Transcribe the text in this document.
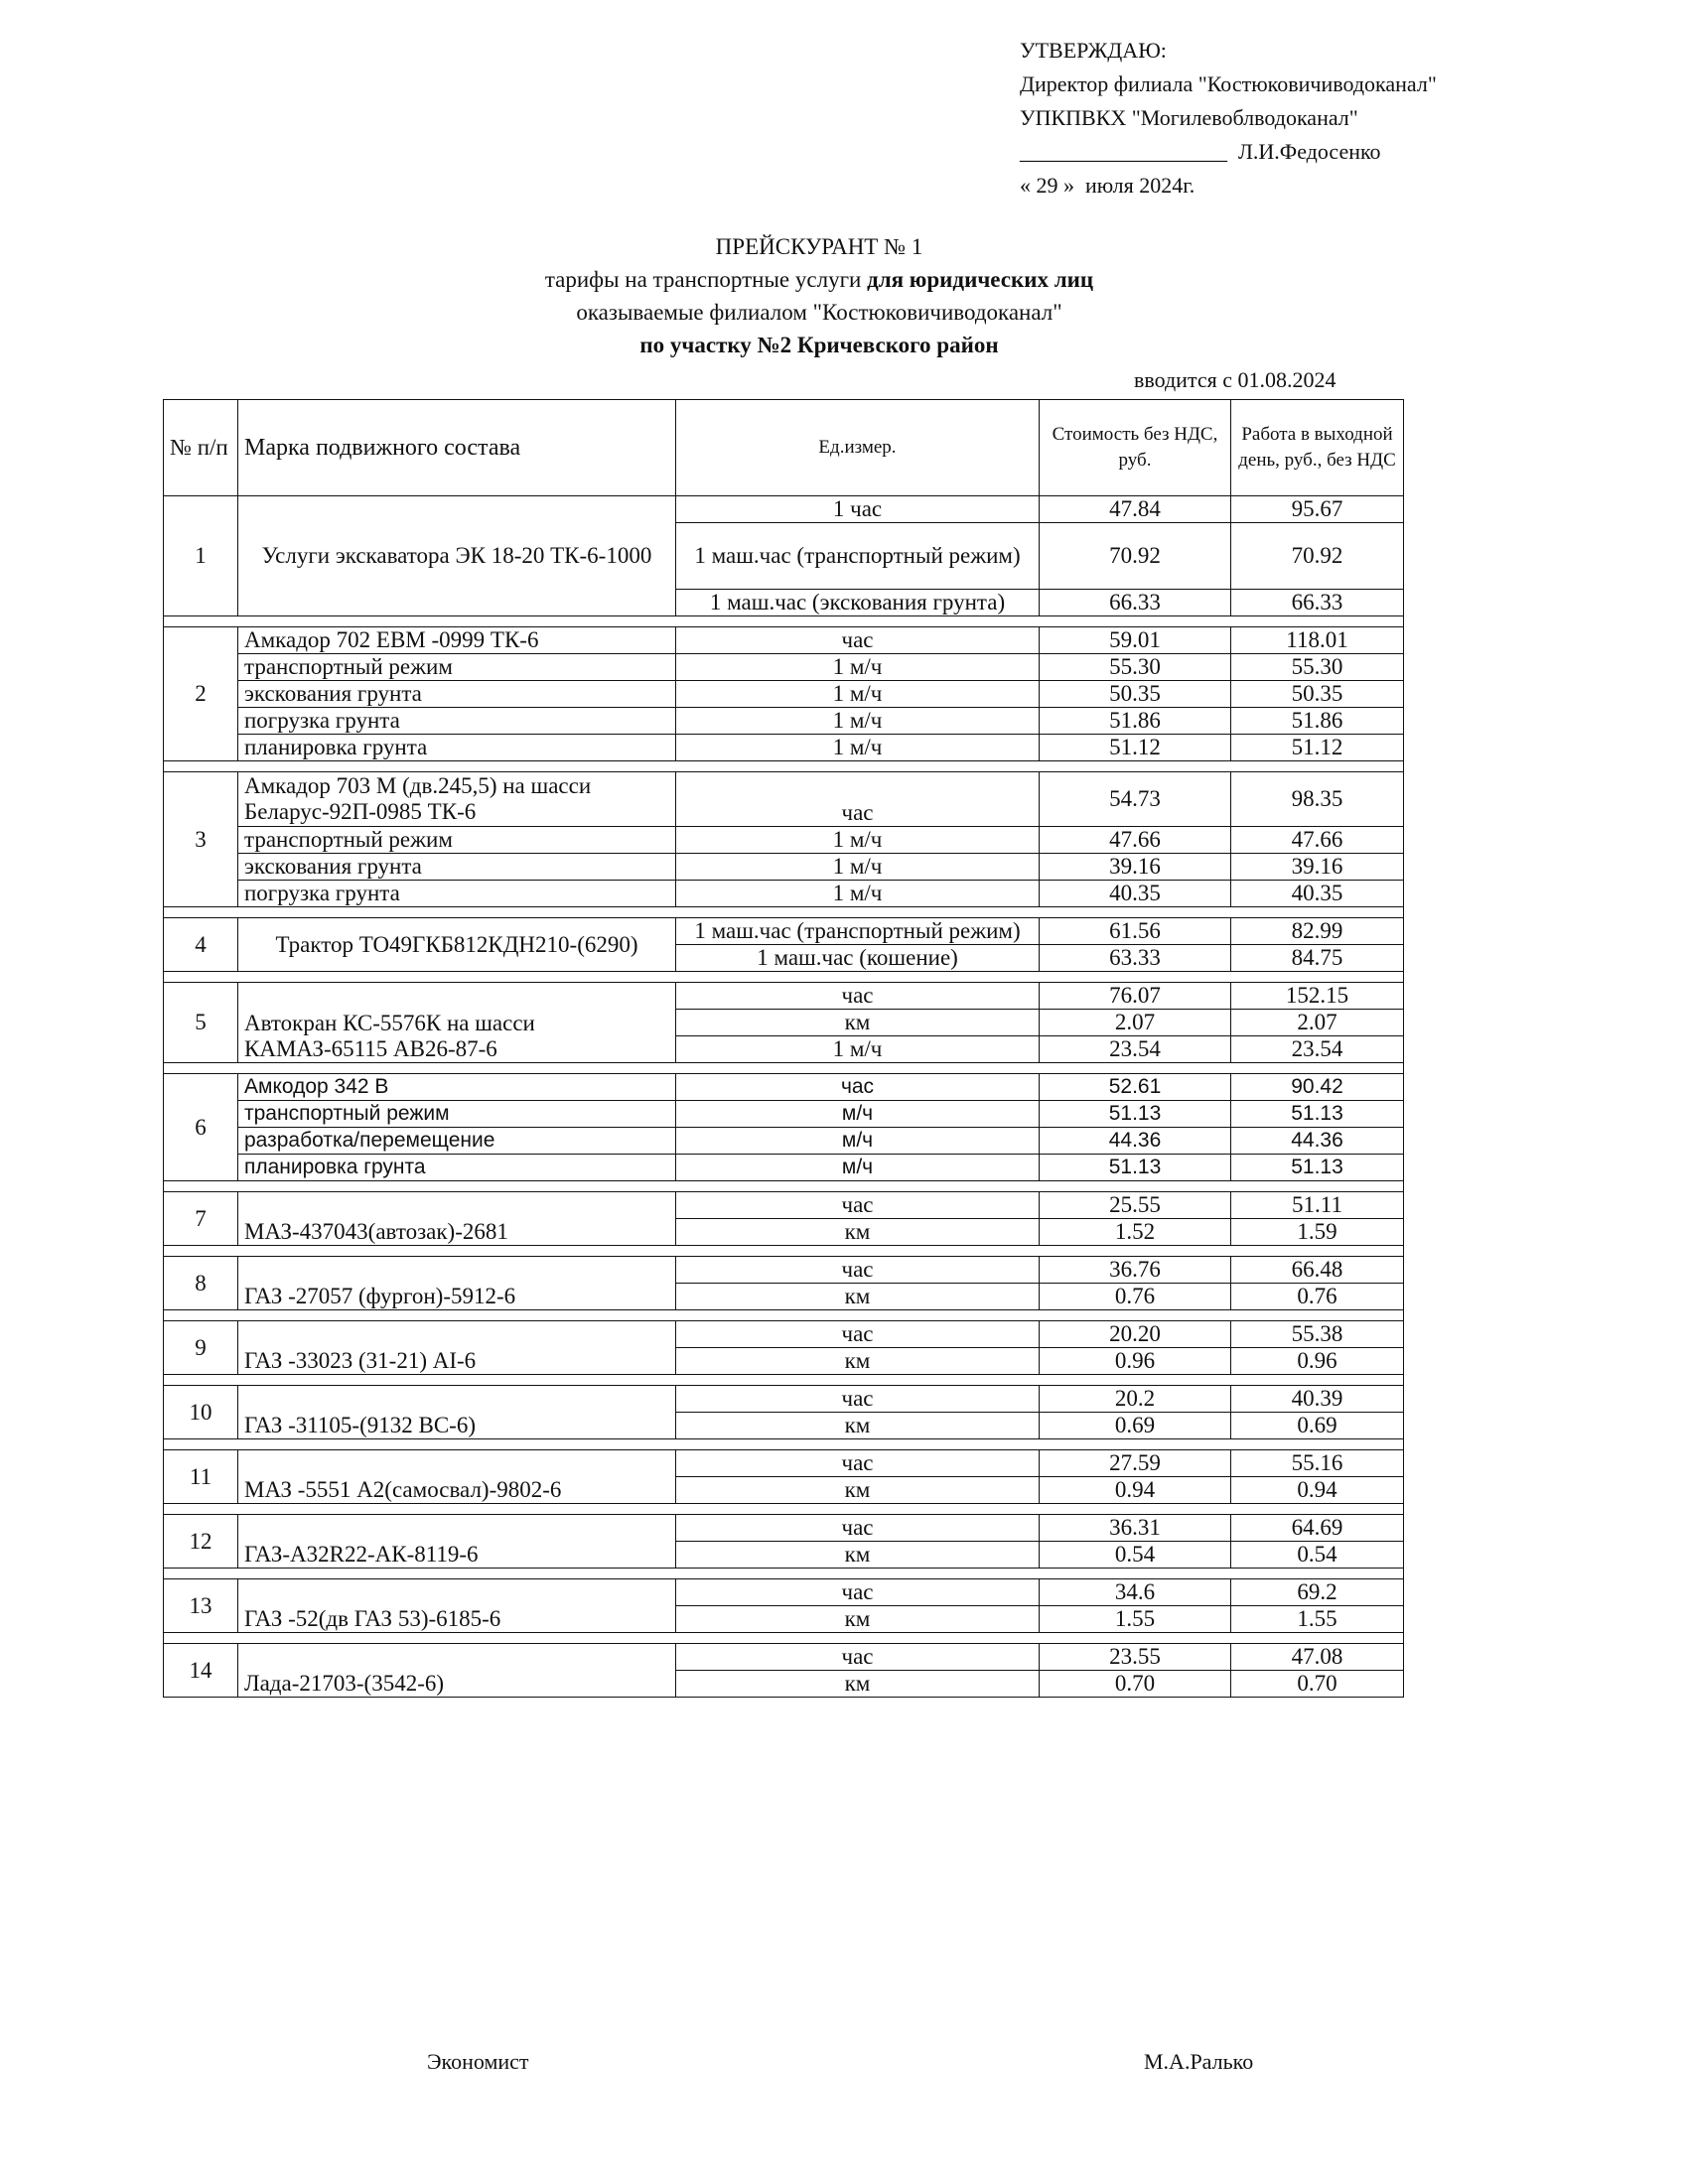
УТВЕРЖДАЮ:
Директор филиала "Костюковичиводоканал"
УПКПВКХ "Могилевоблводоканал"
___________________  Л.И.Федосенко
« 29 »  июля 2024г.
ПРЕЙСКУРАНТ № 1
тарифы на транспортные услуги для юридических лиц
оказываемые филиалом "Костюковичиводоканал"
по участку №2 Кричевского район
вводится с 01.08.2024
№ п/п	Марка подвижного состава	Ед.измер.	Стоимость без НДС, руб.	Работа в выходной день, руб., без НДС
1	Услуги экскаватора ЭК 18-20 ТК-6-1000	1 час	47.84	95.67
		1 маш.час (транспортный режим)	70.92	70.92
		1 маш.час (экскования грунта)	66.33	66.33

2	Амкадор 702 ЕВМ -0999 ТК-6	час	59.01	118.01
	транспортный режим	1 м/ч	55.30	55.30
	экскования грунта	1 м/ч	50.35	50.35
	погрузка грунта	1 м/ч	51.86	51.86
	планировка грунта	1 м/ч	51.12	51.12

3	Амкадор 703 М (дв.245,5) на шасси Беларус-92П-0985 ТК-6	час	54.73	98.35
	транспортный режим	1 м/ч	47.66	47.66
	экскования грунта	1 м/ч	39.16	39.16
	погрузка грунта	1 м/ч	40.35	40.35

4	Трактор ТО49ГКБ812КДН210-(6290)	1 маш.час (транспортный режим)	61.56	82.99
		1 маш.час (кошение)	63.33	84.75

5	Автокран КС-5576К на шасси КАМАЗ-65115 АВ26-87-6	час	76.07	152.15
		км	2.07	2.07
		1 м/ч	23.54	23.54

6	Амкодор 342 В	час	52.61	90.42
	транспортный режим	м/ч	51.13	51.13
	разработка/перемещение	м/ч	44.36	44.36
	планировка грунта	м/ч	51.13	51.13

7	МАЗ-437043(автозак)-2681	час	25.55	51.11
		км	1.52	1.59

8	ГАЗ -27057 (фургон)-5912-6	час	36.76	66.48
		км	0.76	0.76

9	ГАЗ -33023 (31-21) АI-6	час	20.20	55.38
		км	0.96	0.96

10	ГАЗ -31105-(9132 ВС-6)	час	20.2	40.39
		км	0.69	0.69

11	МАЗ -5551 А2(самосвал)-9802-6	час	27.59	55.16
		км	0.94	0.94

12	ГАЗ-А32R22-АК-8119-6	час	36.31	64.69
		км	0.54	0.54

13	ГАЗ -52(дв ГАЗ 53)-6185-6	час	34.6	69.2
		км	1.55	1.55

14	Лада-21703-(3542-6)	час	23.55	47.08
		км	0.70	0.70
Экономист	М.А.Ралько
